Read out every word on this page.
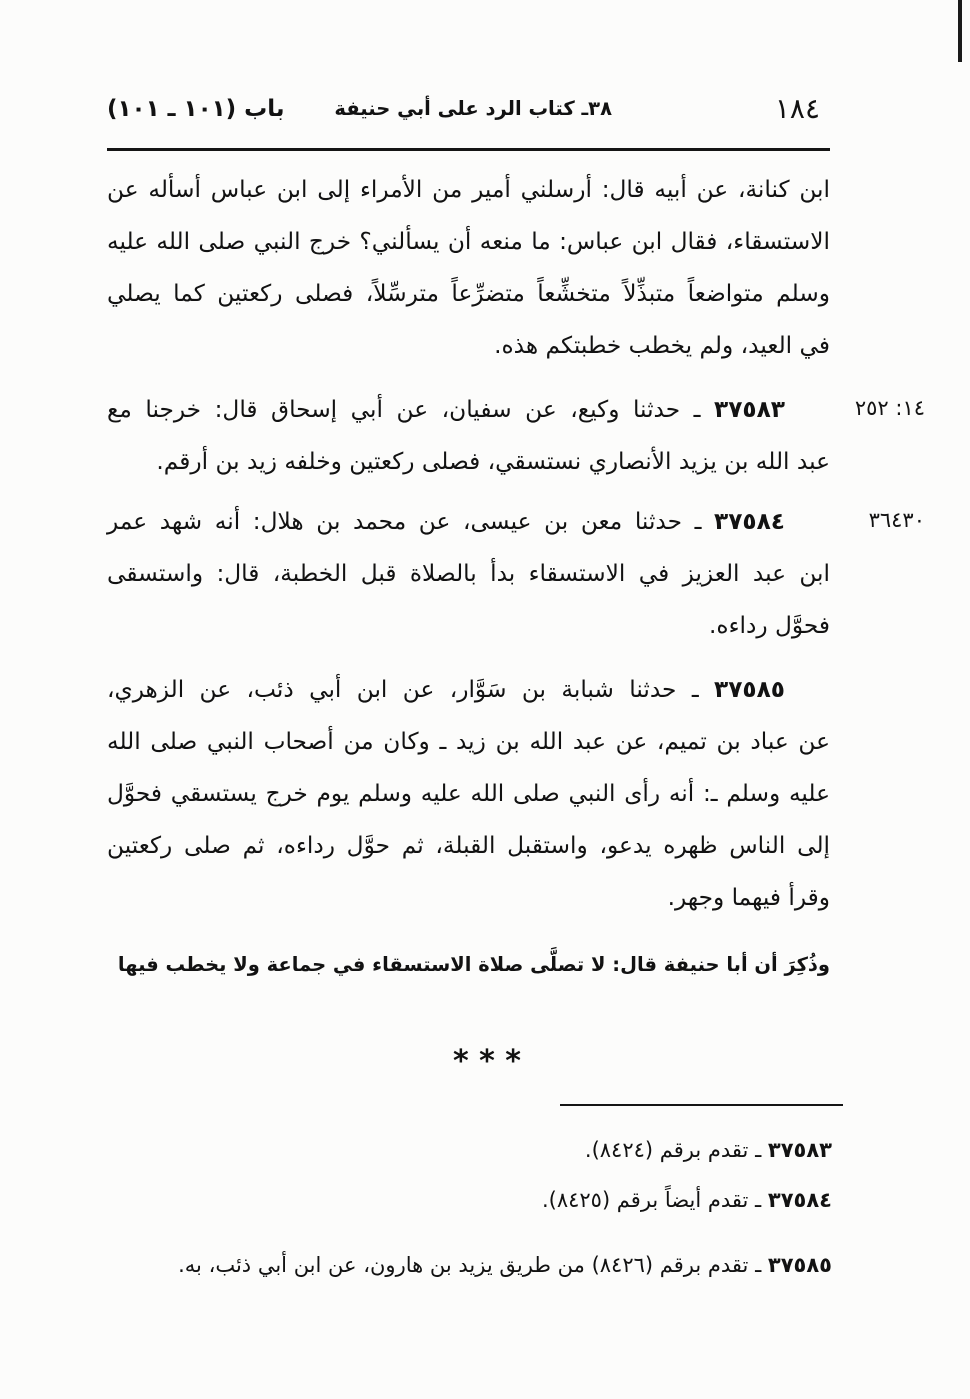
١٨٤
٣٨ـ كتاب الرد على أبي حنيفة
باب (١٠١ ـ ١٠١)
ابن كنانة، عن أبيه قال: أرسلني أمير من الأمراء إلى ابن عباس أسأله عن
الاستسقاء، فقال ابن عباس: ما منعه أن يسألني؟ خرج النبي صلى الله عليه
وسلم متواضعاً متبذِّلاً متخشِّعاً متضرِّعاً مترسِّلاً، فصلى ركعتين كما يصلي
في العيد، ولم يخطب خطبتكم هذه.
٣٧٥٨٣ ـ حدثنا وكيع، عن سفيان، عن أبي إسحاق قال: خرجنا مع
عبد الله بن يزيد الأنصاري نستسقي، فصلى ركعتين وخلفه زيد بن أرقم.
١٤: ٢٥٢
٣٧٥٨٤ ـ حدثنا معن بن عيسى، عن محمد بن هلال: أنه شهد عمر
ابن عبد العزيز في الاستسقاء بدأ بالصلاة قبل الخطبة، قال: واستسقى
فحوَّل رداءه.
٣٦٤٣٠
٣٧٥٨٥ ـ حدثنا شبابة بن سَوَّار، عن ابن أبي ذئب، عن الزهري،
عن عباد بن تميم، عن عبد الله بن زيد ـ وكان من أصحاب النبي صلى الله
عليه وسلم ـ: أنه رأى النبي صلى الله عليه وسلم يوم خرج يستسقي فحوَّل
إلى الناس ظهره يدعو، واستقبل القبلة، ثم حوَّل رداءه، ثم صلى ركعتين
وقرأ فيهما وجهر.
وذُكِرَ أن أبا حنيفة قال: لا تصلَّى صلاة الاستسقاء في جماعة ولا يخطب فيها
* * *
٣٧٥٨٣ ـ تقدم برقم (٨٤٢٤).
٣٧٥٨٤ ـ تقدم أيضاً برقم (٨٤٢٥).
٣٧٥٨٥ ـ تقدم برقم (٨٤٢٦) من طريق يزيد بن هارون، عن ابن أبي ذئب، به.
